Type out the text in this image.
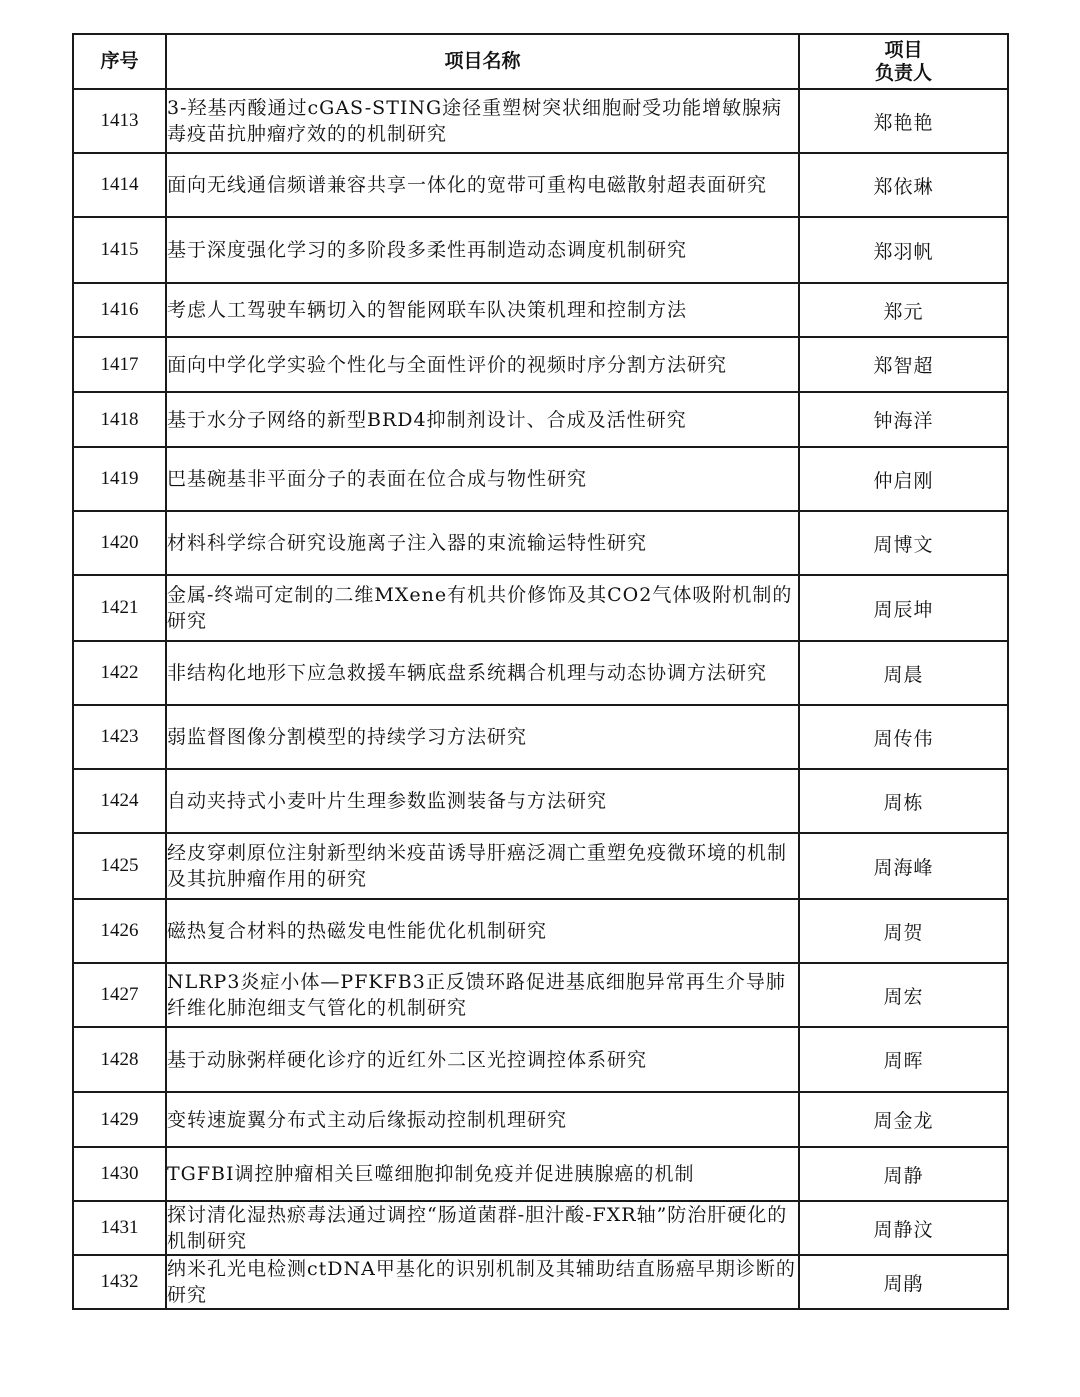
序号	项目名称	项目
负责人

1413	3-羟基丙酸通过cGAS-STING途径重塑树突状细胞耐受功能增敏腺病毒疫苗抗肿瘤疗效的的机制研究	郑艳艳
1414	面向无线通信频谱兼容共享一体化的宽带可重构电磁散射超表面研究	郑依琳
1415	基于深度强化学习的多阶段多柔性再制造动态调度机制研究	郑羽帆
1416	考虑人工驾驶车辆切入的智能网联车队决策机理和控制方法	郑元
1417	面向中学化学实验个性化与全面性评价的视频时序分割方法研究	郑智超
1418	基于水分子网络的新型BRD4抑制剂设计、合成及活性研究	钟海洋
1419	巴基碗基非平面分子的表面在位合成与物性研究	仲启刚
1420	材料科学综合研究设施离子注入器的束流输运特性研究	周博文
1421	金属-终端可定制的二维MXene有机共价修饰及其CO2气体吸附机制的研究	周辰坤
1422	非结构化地形下应急救援车辆底盘系统耦合机理与动态协调方法研究	周晨
1423	弱监督图像分割模型的持续学习方法研究	周传伟
1424	自动夹持式小麦叶片生理参数监测装备与方法研究	周栋
1425	经皮穿刺原位注射新型纳米疫苗诱导肝癌泛凋亡重塑免疫微环境的机制及其抗肿瘤作用的研究	周海峰
1426	磁热复合材料的热磁发电性能优化机制研究	周贺
1427	NLRP3炎症小体—PFKFB3正反馈环路促进基底细胞异常再生介导肺纤维化肺泡细支气管化的机制研究	周宏
1428	基于动脉粥样硬化诊疗的近红外二区光控调控体系研究	周晖
1429	变转速旋翼分布式主动后缘振动控制机理研究	周金龙
1430	TGFBI调控肿瘤相关巨噬细胞抑制免疫并促进胰腺癌的机制	周静
1431	探讨清化湿热瘀毒法通过调控“肠道菌群-胆汁酸-FXR轴”防治肝硬化的机制研究	周静汶
1432	纳米孔光电检测ctDNA甲基化的识别机制及其辅助结直肠癌早期诊断的研究	周鹃
